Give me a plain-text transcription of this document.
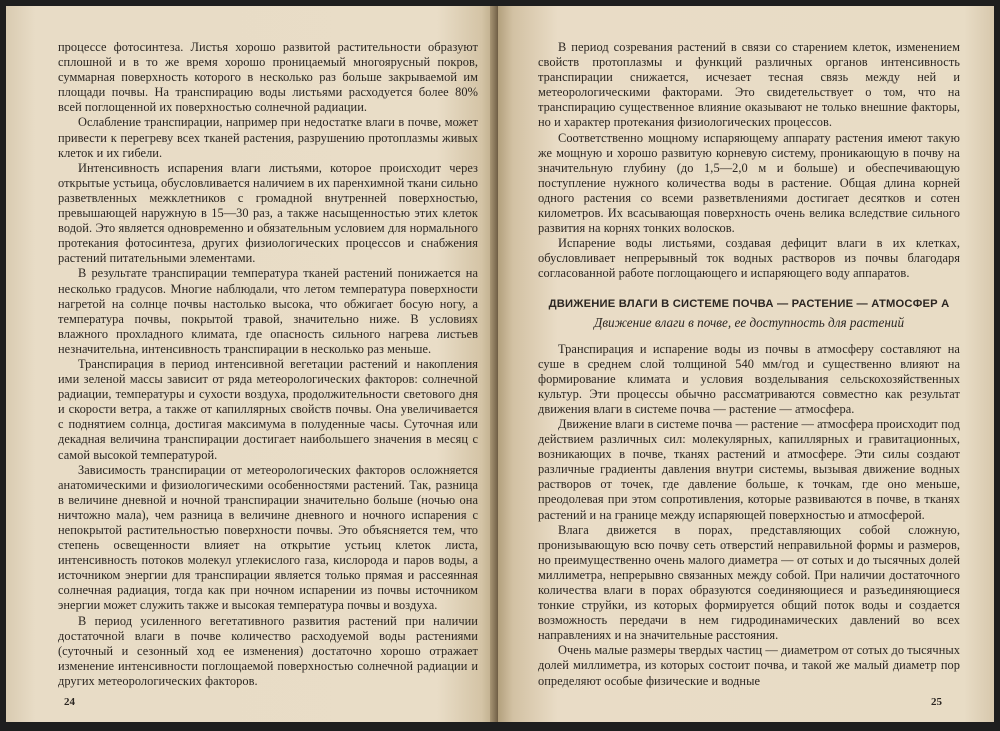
процессе фотосинтеза. Листья хорошо развитой растительности образуют сплошной и в то же время хорошо проницаемый многоярусный покров, суммарная поверхность которого в несколько раз больше закрываемой им площади почвы. На транспирацию воды листьями расходуется более 80% всей поглощенной их поверхностью солнечной радиации.

Ослабление транспирации, например при недостатке влаги в почве, может привести к перегреву всех тканей растения, разрушению протоплазмы живых клеток и их гибели.

Интенсивность испарения влаги листьями, которое происходит через открытые устьица, обусловливается наличием в их паренхимной ткани сильно разветвленных межклетников с громадной внутренней поверхностью, превышающей наружную в 15—30 раз, а также насыщенностью этих клеток водой. Это является одновременно и обязательным условием для нормального протекания фотосинтеза, других физиологических процессов и снабжения растений питательными элементами.

В результате транспирации температура тканей растений понижается на несколько градусов. Многие наблюдали, что летом температура поверхности нагретой на солнце почвы настолько высока, что обжигает босую ногу, а температура почвы, покрытой травой, значительно ниже. В условиях влажного прохладного климата, где опасность сильного нагрева листьев незначительна, интенсивность транспирации в несколько раз меньше.

Транспирация в период интенсивной вегетации растений и накопления ими зеленой массы зависит от ряда метеорологических факторов: солнечной радиации, температуры и сухости воздуха, продолжительности светового дня и скорости ветра, а также от капиллярных свойств почвы. Она увеличивается с поднятием солнца, достигая максимума в полуденные часы. Суточная или декадная величина транспирации достигает наибольшего значения в месяц с самой высокой температурой.

Зависимость транспирации от метеорологических факторов осложняется анатомическими и физиологическими особенностями растений. Так, разница в величине дневной и ночной транспирации значительно больше (ночью она ничтожно мала), чем разница в величине дневного и ночного испарения с непокрытой растительностью поверхности почвы. Это объясняется тем, что степень освещенности влияет на открытие устьиц клеток листа, интенсивность потоков молекул углекислого газа, кислорода и паров воды, а источником энергии для транспирации является только прямая и рассеянная солнечная радиация, тогда как при ночном испарении из почвы источником энергии может служить также и высокая температура почвы и воздуха.

В период усиленного вегетативного развития растений при наличии достаточной влаги в почве количество расходуемой воды растениями (суточный и сезонный ход ее изменения) достаточно хорошо отражает изменение интенсивности поглощаемой поверхностью солнечной радиации и других метеорологических факторов.

24

В период созревания растений в связи со старением клеток, изменением свойств протоплазмы и функций различных органов интенсивность транспирации снижается, исчезает тесная связь между ней и метеорологическими факторами. Это свидетельствует о том, что на транспирацию существенное влияние оказывают не только внешние факторы, но и характер протекания физиологических процессов.

Соответственно мощному испаряющему аппарату растения имеют такую же мощную и хорошо развитую корневую систему, проникающую в почву на значительную глубину (до 1,5—2,0 м и больше) и обеспечивающую поступление нужного количества воды в растение. Общая длина корней одного растения со всеми разветвлениями достигает десятков и сотен километров. Их всасывающая поверхность очень велика вследствие сильного развития на корнях тонких волосков.

Испарение воды листьями, создавая дефицит влаги в их клетках, обусловливает непрерывный ток водных растворов из почвы благодаря согласованной работе поглощающего и испаряющего воду аппаратов.

ДВИЖЕНИЕ ВЛАГИ В СИСТЕМЕ ПОЧВА — РАСТЕНИЕ — АТМОСФЕР А
Движение влаги в почве, ее доступность для растений

Транспирация и испарение воды из почвы в атмосферу составляют на суше в среднем слой толщиной 540 мм/год и существенно влияют на формирование климата и условия возделывания сельскохозяйственных культур. Эти процессы обычно рассматриваются совместно как результат движения влаги в системе почва — растение — атмосфера.

Движение влаги в системе почва — растение — атмосфера происходит под действием различных сил: молекулярных, капиллярных и гравитационных, возникающих в почве, тканях растений и атмосфере. Эти силы создают различные градиенты давления внутри системы, вызывая движение водных растворов от точек, где давление больше, к точкам, где оно меньше, преодолевая при этом сопротивления, которые развиваются в почве, в тканях растений и на границе между испаряющей поверхностью и атмосферой.

Влага движется в порах, представляющих собой сложную, пронизывающую всю почву сеть отверстий неправильной формы и размеров, но преимущественно очень малого диаметра — от сотых и до тысячных долей миллиметра, непрерывно связанных между собой. При наличии достаточного количества влаги в порах образуются соединяющиеся и разъединяющиеся тонкие струйки, из которых формируется общий поток воды и создается возможность передачи в нем гидродинамических давлений во всех направлениях и на значительные расстояния.

Очень малые размеры твердых частиц — диаметром от сотых до тысячных долей миллиметра, из которых состоит почва, и такой же малый диаметр пор определяют особые физические и водные

25
